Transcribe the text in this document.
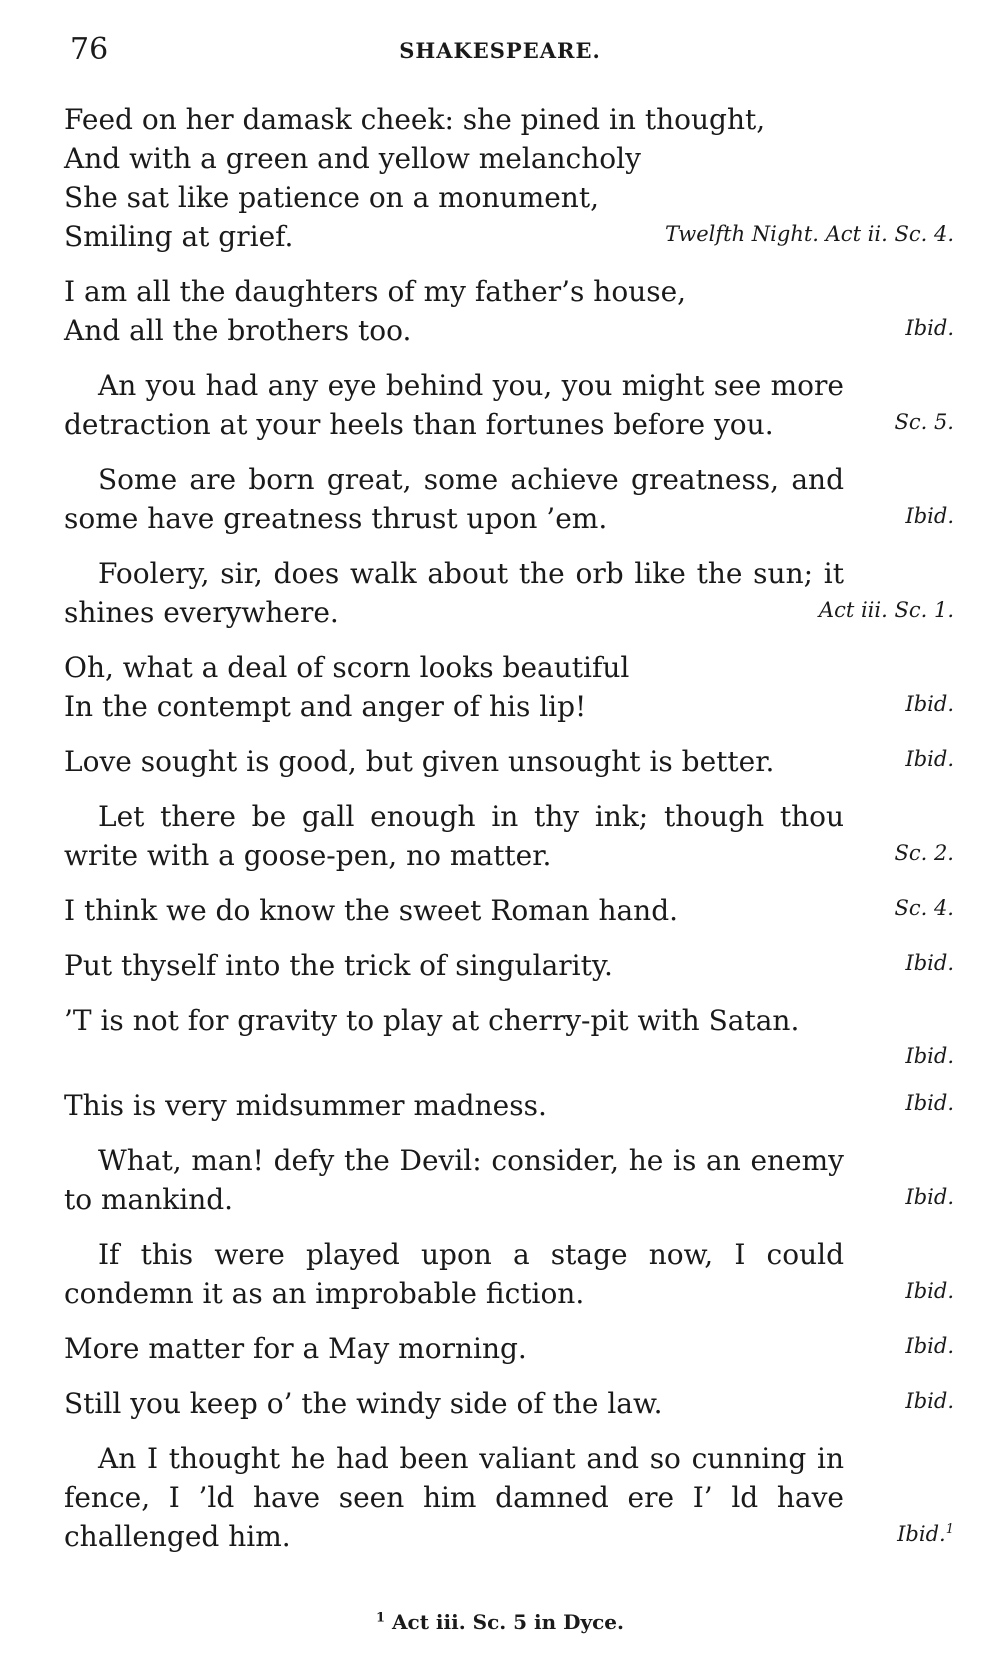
76	SHAKESPEARE.
Feed on her damask cheek: she pined in thought,
And with a green and yellow melancholy
She sat like patience on a monument,
Smiling at grief.	Twelfth Night. Act ii. Sc. 4.
I am all the daughters of my father’s house,
And all the brothers too.	Ibid.
An you had any eye behind you, you might see more detraction at your heels than fortunes before you.	Sc. 5.
Some are born great, some achieve greatness, and some have greatness thrust upon ’em.	Ibid.
Foolery, sir, does walk about the orb like the sun; it shines everywhere.	Act iii. Sc. 1.
Oh, what a deal of scorn looks beautiful
In the contempt and anger of his lip!	Ibid.
Love sought is good, but given unsought is better.	Ibid.
Let there be gall enough in thy ink; though thou write with a goose-pen, no matter.	Sc. 2.
I think we do know the sweet Roman hand.	Sc. 4.
Put thyself into the trick of singularity.	Ibid.
’T is not for gravity to play at cherry-pit with Satan.
Ibid.
This is very midsummer madness.	Ibid.
What, man! defy the Devil: consider, he is an enemy to mankind.	Ibid.
If this were played upon a stage now, I could condemn it as an improbable fiction.	Ibid.
More matter for a May morning.	Ibid.
Still you keep o’ the windy side of the law.	Ibid.
An I thought he had been valiant and so cunning in fence, I ’ld have seen him damned ere I’ ld have challenged him.	Ibid.$^1$
$^1$ Act iii. Sc. 5 in Dyce.
